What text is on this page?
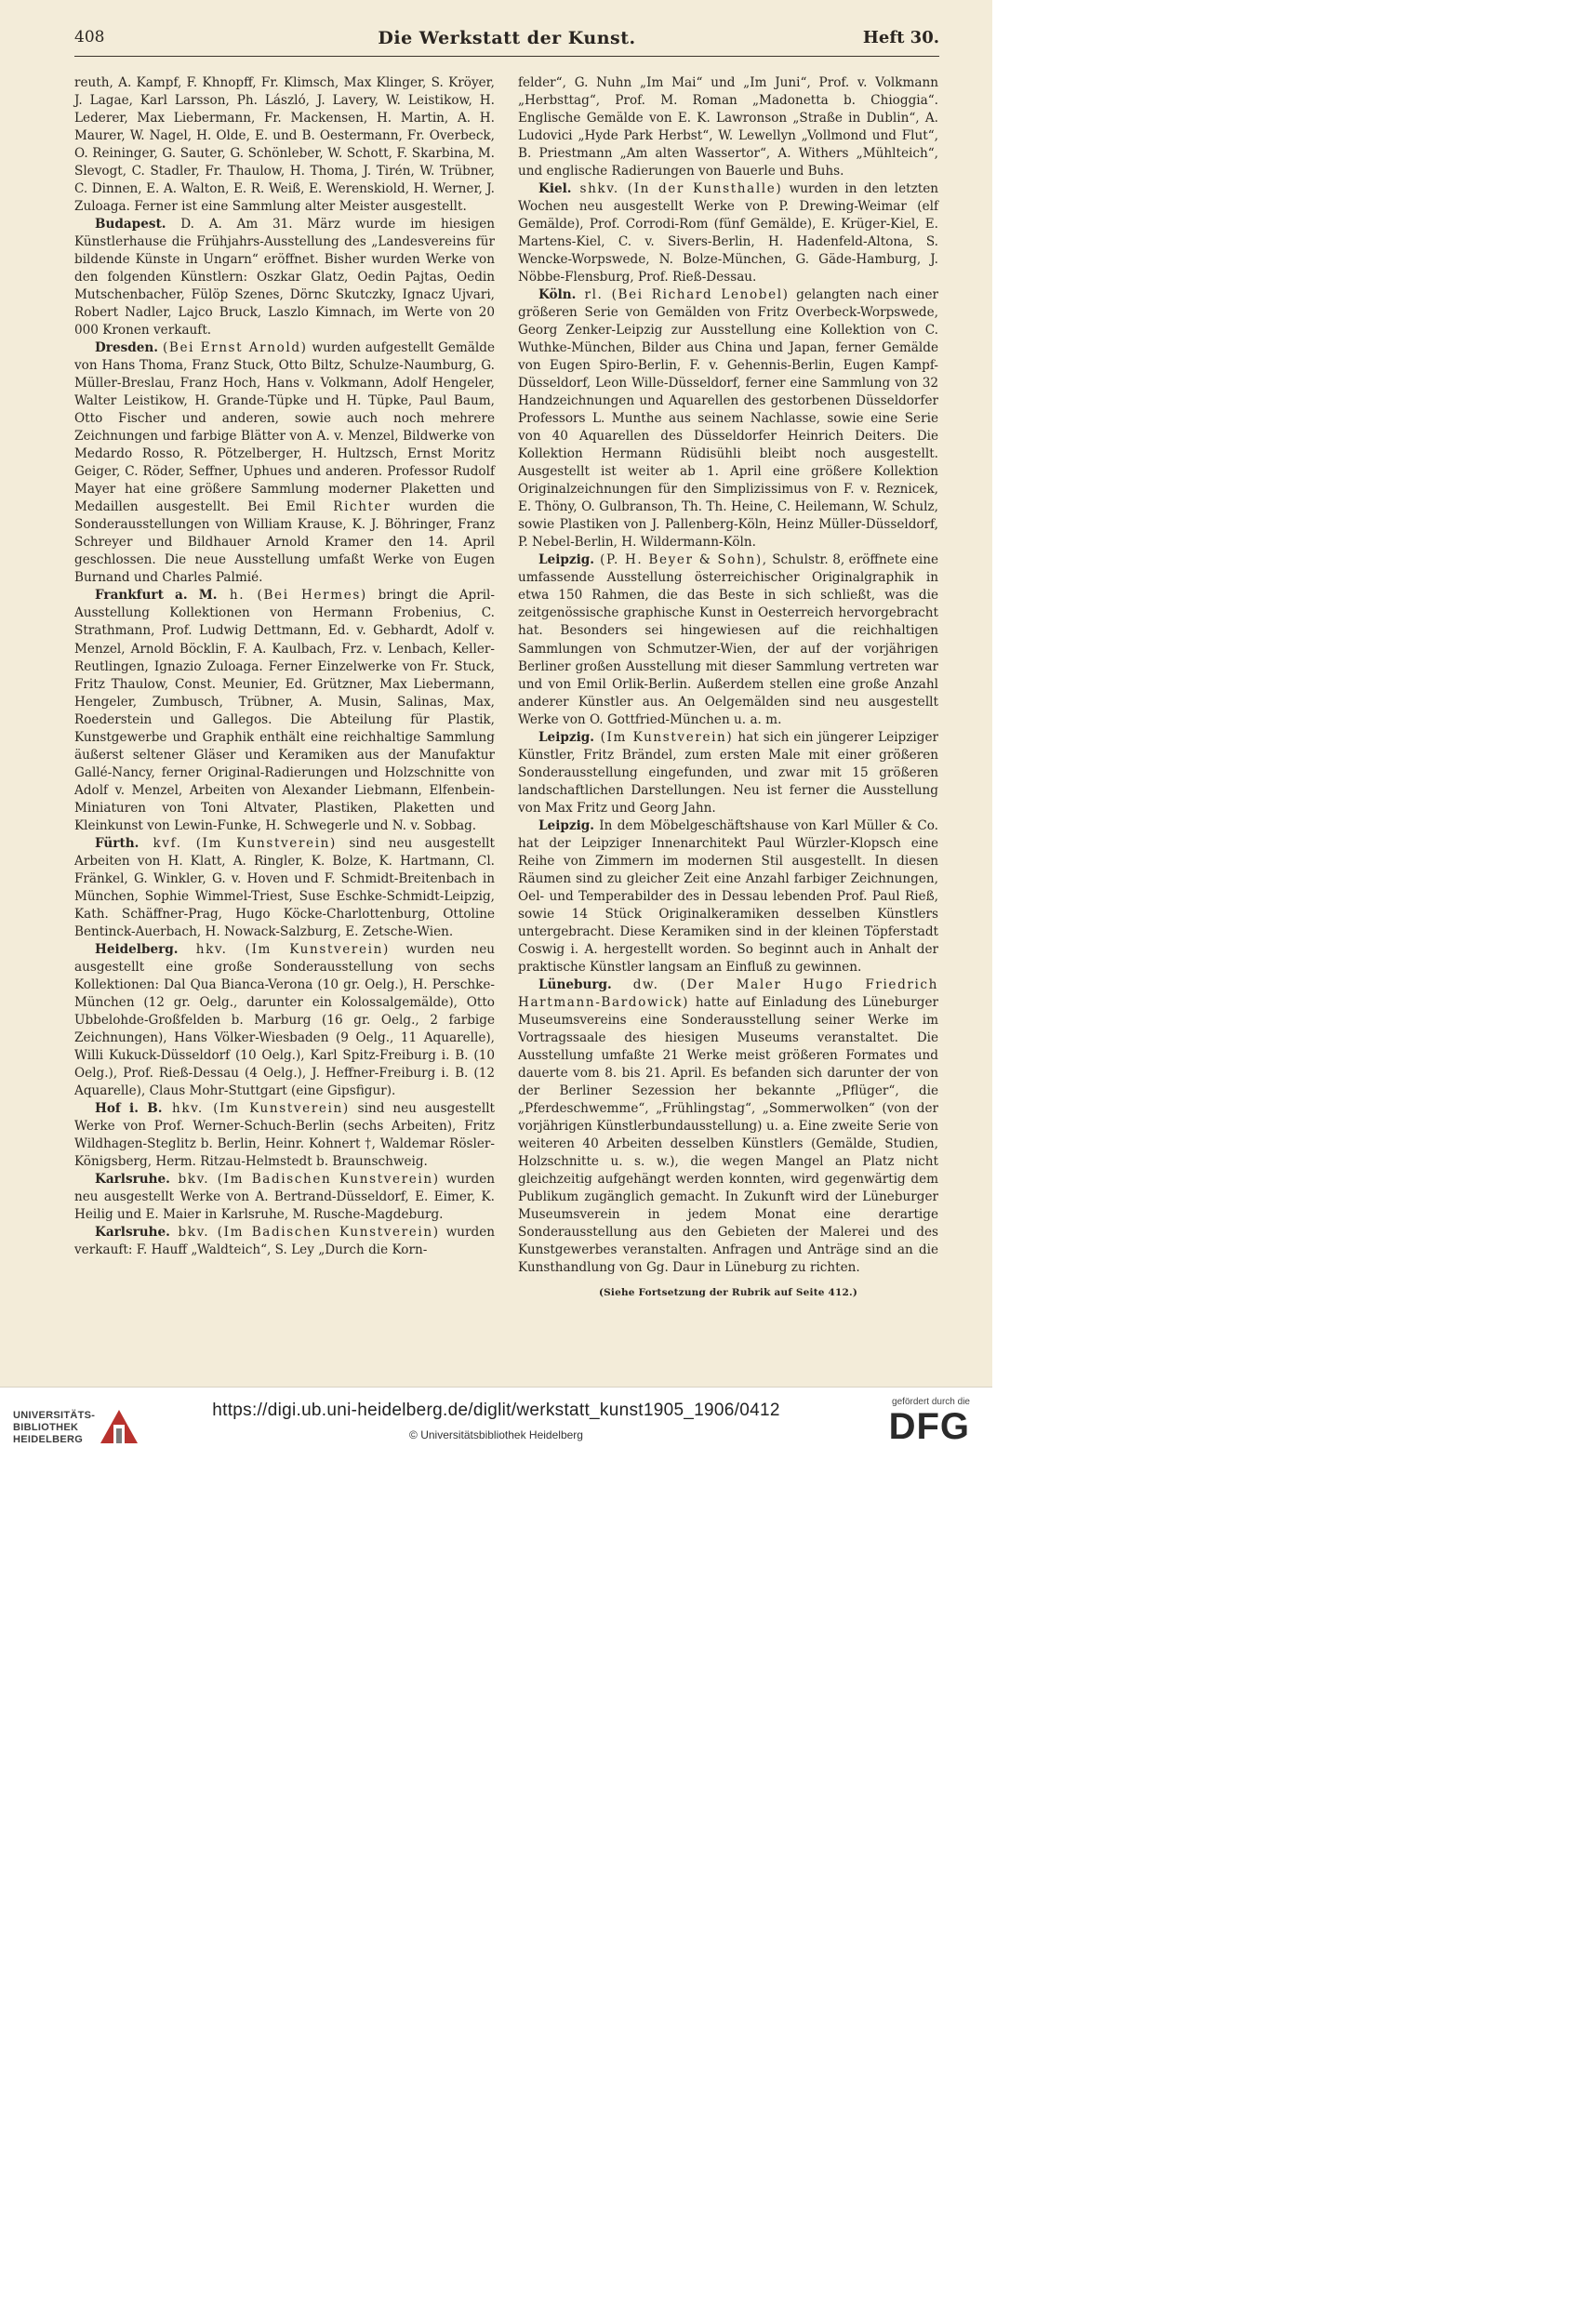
408	Die Werkstatt der Kunst.	Heft 30.

reuth, A. Kampf, F. Khnopff, Fr. Klimsch, Max Klinger, S. Kröyer, J. Lagae, Karl Larsson, Ph. László, J. Lavery, W. Leistikow, H. Lederer, Max Liebermann, Fr. Mackensen, H. Martin, A. H. Maurer, W. Nagel, H. Olde, E. und B. Oestermann, Fr. Overbeck, O. Reininger, G. Sauter, G. Schönleber, W. Schott, F. Skarbina, M. Slevogt, C. Stadler, Fr. Thaulow, H. Thoma, J. Tirén, W. Trübner, C. Dinnen, E. A. Walton, E. R. Weiß, E. Werenskiold, H. Werner, J. Zuloaga. Ferner ist eine Sammlung alter Meister ausgestellt.

Budapest. D. A. Am 31. März wurde im hiesigen Künstlerhause die Frühjahrs-Ausstellung des „Landesvereins für bildende Künste in Ungarn“ eröffnet. Bisher wurden Werke von den folgenden Künstlern: Oszkar Glatz, Oedin Pajtas, Oedin Mutschenbacher, Fülöp Szenes, Dörnc Skutczky, Ignacz Ujvari, Robert Nadler, Lajco Bruck, Laszlo Kimnach, im Werte von 20 000 Kronen verkauft.

Dresden. (Bei Ernst Arnold) wurden aufgestellt Gemälde von Hans Thoma, Franz Stuck, Otto Biltz, Schulze-Naumburg, G. Müller-Breslau, Franz Hoch, Hans v. Volkmann, Adolf Hengeler, Walter Leistikow, H. Grande-Tüpke und H. Tüpke, Paul Baum, Otto Fischer und anderen, sowie auch noch mehrere Zeichnungen und farbige Blätter von A. v. Menzel, Bildwerke von Medardo Rosso, R. Pötzelberger, H. Hultzsch, Ernst Moritz Geiger, C. Röder, Seffner, Uphues und anderen. Professor Rudolf Mayer hat eine größere Sammlung moderner Plaketten und Medaillen ausgestellt. Bei Emil Richter wurden die Sonderausstellungen von William Krause, K. J. Böhringer, Franz Schreyer und Bildhauer Arnold Kramer den 14. April geschlossen. Die neue Ausstellung umfaßt Werke von Eugen Burnand und Charles Palmié.

Frankfurt a. M. h. (Bei Hermes) bringt die April-Ausstellung Kollektionen von Hermann Frobenius, C. Strathmann, Prof. Ludwig Dettmann, Ed. v. Gebhardt, Adolf v. Menzel, Arnold Böcklin, F. A. Kaulbach, Frz. v. Lenbach, Keller-Reutlingen, Ignazio Zuloaga. Ferner Einzelwerke von Fr. Stuck, Fritz Thaulow, Const. Meunier, Ed. Grützner, Max Liebermann, Hengeler, Zumbusch, Trübner, A. Musin, Salinas, Max, Roederstein und Gallegos. Die Abteilung für Plastik, Kunstgewerbe und Graphik enthält eine reichhaltige Sammlung äußerst seltener Gläser und Keramiken aus der Manufaktur Gallé-Nancy, ferner Original-Radierungen und Holzschnitte von Adolf v. Menzel, Arbeiten von Alexander Liebmann, Elfenbein-Miniaturen von Toni Altvater, Plastiken, Plaketten und Kleinkunst von Lewin-Funke, H. Schwegerle und N. v. Sobbag.

Fürth. kvf. (Im Kunstverein) sind neu ausgestellt Arbeiten von H. Klatt, A. Ringler, K. Bolze, K. Hartmann, Cl. Fränkel, G. Winkler, G. v. Hoven und F. Schmidt-Breitenbach in München, Sophie Wimmel-Triest, Suse Eschke-Schmidt-Leipzig, Kath. Schäffner-Prag, Hugo Köcke-Charlottenburg, Ottoline Bentinck-Auerbach, H. Nowack-Salzburg, E. Zetsche-Wien.

Heidelberg. hkv. (Im Kunstverein) wurden neu ausgestellt eine große Sonderausstellung von sechs Kollektionen: Dal Qua Bianca-Verona (10 gr. Oelg.), H. Perschke-München (12 gr. Oelg., darunter ein Kolossalgemälde), Otto Ubbelohde-Großfelden b. Marburg (16 gr. Oelg., 2 farbige Zeichnungen), Hans Völker-Wiesbaden (9 Oelg., 11 Aquarelle), Willi Kukuck-Düsseldorf (10 Oelg.), Karl Spitz-Freiburg i. B. (10 Oelg.), Prof. Rieß-Dessau (4 Oelg.), J. Heffner-Freiburg i. B. (12 Aquarelle), Claus Mohr-Stuttgart (eine Gipsfigur).

Hof i. B. hkv. (Im Kunstverein) sind neu ausgestellt Werke von Prof. Werner-Schuch-Berlin (sechs Arbeiten), Fritz Wildhagen-Steglitz b. Berlin, Heinr. Kohnert †, Waldemar Rösler-Königsberg, Herm. Ritzau-Helmstedt b. Braunschweig.

Karlsruhe. bkv. (Im Badischen Kunstverein) wurden neu ausgestellt Werke von A. Bertrand-Düsseldorf, E. Eimer, K. Heilig und E. Maier in Karlsruhe, M. Rusche-Magdeburg.

Karlsruhe. bkv. (Im Badischen Kunstverein) wurden verkauft: F. Hauff „Waldteich“, S. Ley „Durch die Korn-

felder“, G. Nuhn „Im Mai“ und „Im Juni“, Prof. v. Volkmann „Herbsttag“, Prof. M. Roman „Madonetta b. Chioggia“. Englische Gemälde von E. K. Lawronson „Straße in Dublin“, A. Ludovici „Hyde Park Herbst“, W. Lewellyn „Vollmond und Flut“, B. Priestmann „Am alten Wassertor“, A. Withers „Mühlteich“, und englische Radierungen von Bauerle und Buhs.

Kiel. shkv. (In der Kunsthalle) wurden in den letzten Wochen neu ausgestellt Werke von P. Drewing-Weimar (elf Gemälde), Prof. Corrodi-Rom (fünf Gemälde), E. Krüger-Kiel, E. Martens-Kiel, C. v. Sivers-Berlin, H. Hadenfeld-Altona, S. Wencke-Worpswede, N. Bolze-München, G. Gäde-Hamburg, J. Nöbbe-Flensburg, Prof. Rieß-Dessau.

Köln. rl. (Bei Richard Lenobel) gelangten nach einer größeren Serie von Gemälden von Fritz Overbeck-Worpswede, Georg Zenker-Leipzig zur Ausstellung eine Kollektion von C. Wuthke-München, Bilder aus China und Japan, ferner Gemälde von Eugen Spiro-Berlin, F. v. Gehennis-Berlin, Eugen Kampf-Düsseldorf, Leon Wille-Düsseldorf, ferner eine Sammlung von 32 Handzeichnungen und Aquarellen des gestorbenen Düsseldorfer Professors L. Munthe aus seinem Nachlasse, sowie eine Serie von 40 Aquarellen des Düsseldorfer Heinrich Deiters. Die Kollektion Hermann Rüdisühli bleibt noch ausgestellt. Ausgestellt ist weiter ab 1. April eine größere Kollektion Originalzeichnungen für den Simplizissimus von F. v. Reznicek, E. Thöny, O. Gulbranson, Th. Th. Heine, C. Heilemann, W. Schulz, sowie Plastiken von J. Pallenberg-Köln, Heinz Müller-Düsseldorf, P. Nebel-Berlin, H. Wildermann-Köln.

Leipzig. (P. H. Beyer & Sohn), Schulstr. 8, eröffnete eine umfassende Ausstellung österreichischer Originalgraphik in etwa 150 Rahmen, die das Beste in sich schließt, was die zeitgenössische graphische Kunst in Oesterreich hervorgebracht hat. Besonders sei hingewiesen auf die reichhaltigen Sammlungen von Schmutzer-Wien, der auf der vorjährigen Berliner großen Ausstellung mit dieser Sammlung vertreten war und von Emil Orlik-Berlin. Außerdem stellen eine große Anzahl anderer Künstler aus. An Oelgemälden sind neu ausgestellt Werke von O. Gottfried-München u. a. m.

Leipzig. (Im Kunstverein) hat sich ein jüngerer Leipziger Künstler, Fritz Brändel, zum ersten Male mit einer größeren Sonderausstellung eingefunden, und zwar mit 15 größeren landschaftlichen Darstellungen. Neu ist ferner die Ausstellung von Max Fritz und Georg Jahn.

Leipzig. In dem Möbelgeschäftshause von Karl Müller & Co. hat der Leipziger Innenarchitekt Paul Würzler-Klopsch eine Reihe von Zimmern im modernen Stil ausgestellt. In diesen Räumen sind zu gleicher Zeit eine Anzahl farbiger Zeichnungen, Oel- und Temperabilder des in Dessau lebenden Prof. Paul Rieß, sowie 14 Stück Originalkeramiken desselben Künstlers untergebracht. Diese Keramiken sind in der kleinen Töpferstadt Coswig i. A. hergestellt worden. So beginnt auch in Anhalt der praktische Künstler langsam an Einfluß zu gewinnen.

Lüneburg. dw. (Der Maler Hugo Friedrich Hartmann-Bardowick) hatte auf Einladung des Lüneburger Museumsvereins eine Sonderausstellung seiner Werke im Vortragssaale des hiesigen Museums veranstaltet. Die Ausstellung umfaßte 21 Werke meist größeren Formates und dauerte vom 8. bis 21. April. Es befanden sich darunter der von der Berliner Sezession her bekannte „Pflüger“, die „Pferdeschwemme“, „Frühlingstag“, „Sommerwolken“ (von der vorjährigen Künstlerbundausstellung) u. a. Eine zweite Serie von weiteren 40 Arbeiten desselben Künstlers (Gemälde, Studien, Holzschnitte u. s. w.), die wegen Mangel an Platz nicht gleichzeitig aufgehängt werden konnten, wird gegenwärtig dem Publikum zugänglich gemacht. In Zukunft wird der Lüneburger Museumsverein in jedem Monat eine derartige Sonderausstellung aus den Gebieten der Malerei und des Kunstgewerbes veranstalten. Anfragen und Anträge sind an die Kunsthandlung von Gg. Daur in Lüneburg zu richten.

(Siehe Fortsetzung der Rubrik auf Seite 412.)

UNIVERSITÄTS-
BIBLIOTHEK
HEIDELBERG
https://digi.ub.uni-heidelberg.de/diglit/werkstatt_kunst1905_1906/0412
© Universitätsbibliothek Heidelberg
gefördert durch die
DFG
